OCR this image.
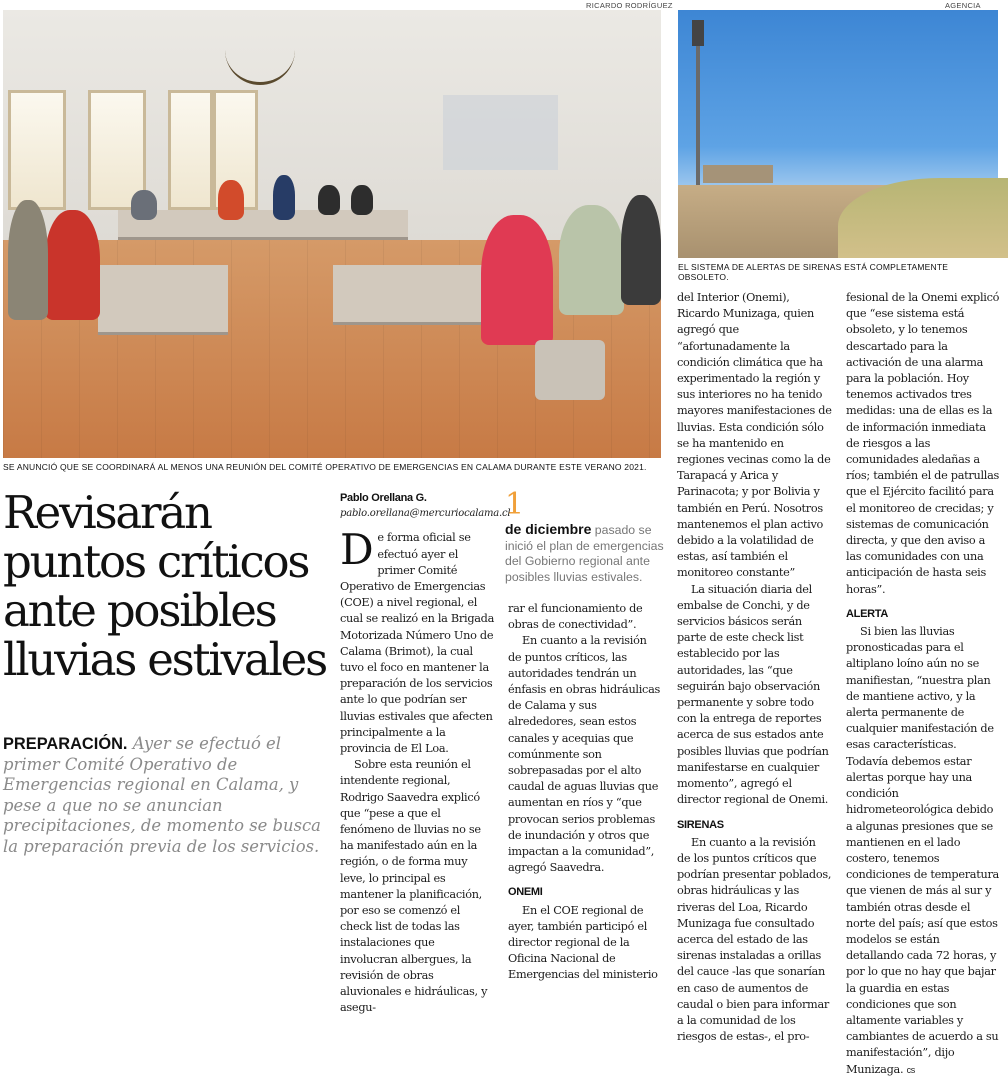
RICARDO RODRÍGUEZ	AGENCIA
SE ANUNCIÓ QUE SE COORDINARÁ AL MENOS UNA REUNIÓN DEL COMITÉ OPERATIVO DE EMERGENCIAS EN CALAMA DURANTE ESTE VERANO 2021.
EL SISTEMA DE ALERTAS DE SIRENAS ESTÁ COMPLETAMENTE OBSOLETO.
Revisarán puntos críticos ante posibles lluvias estivales
PREPARACIÓN. Ayer se efectuó el primer Comité Operativo de Emergencias regional en Calama, y pese a que no se anuncian precipitaciones, de momento se busca la preparación previa de los servicios.
1
de diciembre pasado se inició el plan de emergencias del Gobierno regional ante posibles lluvias estivales.
Pablo Orellana G.
pablo.orellana@mercuriocalama.cl

De forma oficial se efectuó ayer el primer Comité Operativo de Emergencias (COE) a nivel regional, el cual se realizó en la Brigada Motorizada Número Uno de Calama (Brimot), la cual tuvo el foco en mantener la preparación de los servicios ante lo que podrían ser lluvias estivales que afecten principalmente a la provincia de El Loa.

Sobre esta reunión el intendente regional, Rodrigo Saavedra explicó que “pese a que el fenómeno de lluvias no se ha manifestado aún en la región, o de forma muy leve, lo principal es mantener la planificación, por eso se comenzó el check list de todas las instalaciones que involucran albergues, la revisión de obras aluvionales e hidráulicas, y asegu-

rar el funcionamiento de obras de conectividad”.

En cuanto a la revisión de puntos críticos, las autoridades tendrán un énfasis en obras hidráulicas de Calama y sus alrededores, sean estos canales y acequias que comúnmente son sobrepasadas por el alto caudal de aguas lluvias que aumentan en ríos y “que provocan serios problemas de inundación y otros que impactan a la comunidad”, agregó Saavedra.

ONEMI

En el COE regional de ayer, también participó el director regional de la Oficina Nacional de Emergencias del ministerio

del Interior (Onemi), Ricardo Munizaga, quien agregó que “afortunadamente la condición climática que ha experimentado la región y sus interiores no ha tenido mayores manifestaciones de lluvias. Esta condición sólo se ha mantenido en regiones vecinas como la de Tarapacá y Arica y Parinacota; y por Bolivia y también en Perú. Nosotros mantenemos el plan activo debido a la volatilidad de estas, así también el monitoreo constante”

La situación diaria del embalse de Conchi, y de servicios básicos serán parte de este check list establecido por las autoridades, las “que seguirán bajo observación permanente y sobre todo con la entrega de reportes acerca de sus estados ante posibles lluvias que podrían manifestarse en cualquier momento”, agregó el director regional de Onemi.

SIRENAS

En cuanto a la revisión de los puntos críticos que podrían presentar poblados, obras hidráulicas y las riveras del Loa, Ricardo Munizaga fue consultado acerca del estado de las sirenas instaladas a orillas del cauce -las que sonarían en caso de aumentos de caudal o bien para informar a la comunidad de los riesgos de estas-, el pro-

fesional de la Onemi explicó que “ese sistema está obsoleto, y lo tenemos descartado para la activación de una alarma para la población. Hoy tenemos activados tres medidas: una de ellas es la de información inmediata de riesgos a las comunidades aledañas a ríos; también el de patrullas que el Ejército facilitó para el monitoreo de crecidas; y sistemas de comunicación directa, y que den aviso a las comunidades con una anticipación de hasta seis horas”.

ALERTA

Si bien las lluvias pronosticadas para el altiplano loíno aún no se manifiestan, “nuestra plan de mantiene activo, y la alerta permanente de cualquier manifestación de esas características. Todavía debemos estar alertas porque hay una condición hidrometeorológica debido a algunas presiones que se mantienen en el lado costero, tenemos condiciones de temperatura que vienen de más al sur y también otras desde el norte del país; así que estos modelos se están detallando cada 72 horas, y por lo que no hay que bajar la guardia en estas condiciones que son altamente variables y cambiantes de acuerdo a su manifestación”, dijo Munizaga. cs
